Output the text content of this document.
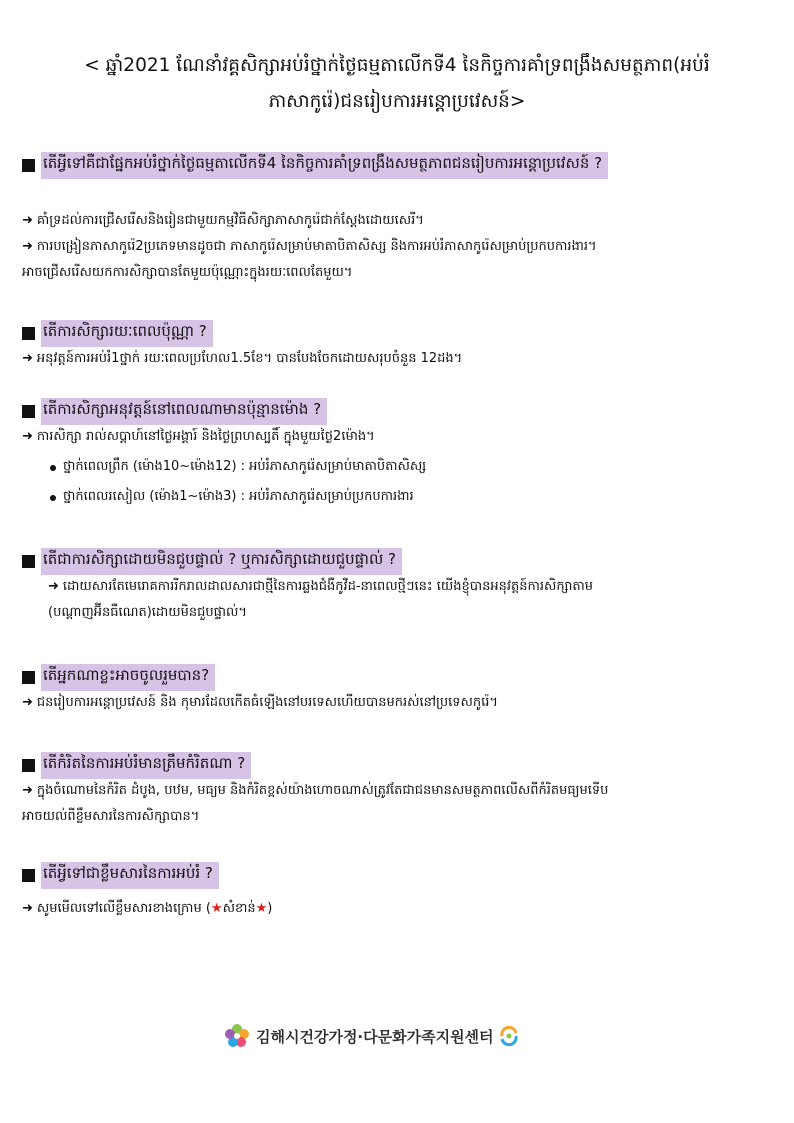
< ឆ្នាំ2021 ណែនាំវគ្គសិក្សាអប់រំថ្នាក់ថ្ងៃធម្មតាលើកទី4 នៃកិច្ចការគាំទ្រពង្រឹងសមត្ថភាព(អប់រំ
ភាសាកូរ៉េ)ជនរៀបការអន្តោប្រវេសន៍>
តើអ្វីទៅគឺជាផ្នែកអប់រំថ្នាក់ថ្ងៃធម្មតាលើកទី4 នៃកិច្ចការគាំទ្រពង្រឹងសមត្ថភាពជនរៀបការអន្តោប្រវេសន៍ ?
➜ គាំទ្រដល់ការជ្រើសរើសនិងរៀនជាមួយកម្មវិធីសិក្សាភាសាកូរ៉េជាក់ស្តែងដោយសេរី។
➜ ការបង្រៀនភាសាកូរ៉េ2ប្រភេទមានដូចជា ភាសាកូរ៉េសម្រាប់មាតាបិតាសិស្ស និងការអប់រំភាសាកូរ៉េសម្រាប់ប្រកបការងារ។
អាចជ្រើសរើសយកការសិក្សាបានតែមួយប៉ុណ្ណោះក្នុងរយៈពេលតែមួយ។
តើការសិក្សារយៈពេលប៉ុណ្ណា ?
➜ អនុវត្តន៍ការអប់រំ1ថ្នាក់ រយៈពេលប្រហែល1.5ខែ។ បានបែងចែកដោយសរុបចំនួន 12ដង។
តើការសិក្សាអនុវត្តន៍នៅពេលណាមានប៉ុន្មានម៉ោង ?
➜ ការសិក្សា រាល់សប្តាហ៍នៅថ្ងៃអង្គារ៍ និងថ្ងៃព្រហស្បតិ៍ ក្នុងមួយថ្ងៃ2ម៉ោង។
ថ្នាក់ពេលព្រឹក (ម៉ោង10~ម៉ោង12) : អប់រំភាសាកូរ៉េសម្រាប់មាតាបិតាសិស្ស
ថ្នាក់ពេលរសៀល (ម៉ោង1~ម៉ោង3) : អប់រំភាសាកូរ៉េសម្រាប់ប្រកបការងារ
តើជាការសិក្សាដោយមិនជួបផ្ទាល់ ? ឬការសិក្សាដោយជួបផ្ទាល់ ?
➜ ដោយសារតែមេរោគការរីករាលដាលសារជាថ្មីនៃការឆ្លងជំងឺកូវីដ-នាពេលថ្មីៗនេះ យើងខ្ញុំបានអនុវត្តន៍ការសិក្សាតាម
(បណ្តាញអ៊ីនធឺណេត)ដោយមិនជួបផ្ទាល់។
តើអ្នកណាខ្លះអាចចូលរួមបាន?
➜ ជនរៀបការអន្តោប្រវេសន៍ និង កុមារដែលកើតធំឡើងនៅបរទេសហើយបានមករស់នៅប្រទេសកូរ៉េ។
តើកំរិតនៃការអប់រំមានត្រឹមកំរិតណា ?
➜ ក្នុងចំណោមនៃកំរិត ដំបូង, បឋម, មធ្យម និងកំរិតខ្ពស់យ៉ាងហោចណាស់ត្រូវតែជាជនមានសមត្ថភាពលើសពីកំរិតមធ្យមទើប
អាចយល់ពីខ្លឹមសារនៃការសិក្សាបាន។
តើអ្វីទៅជាខ្លឹមសារនៃការអប់រំ ?
➜ សូមមើលទៅលើខ្លឹមសារខាងក្រោម (★សំខាន់★)
김해시건강가정·다문화가족지원센터
